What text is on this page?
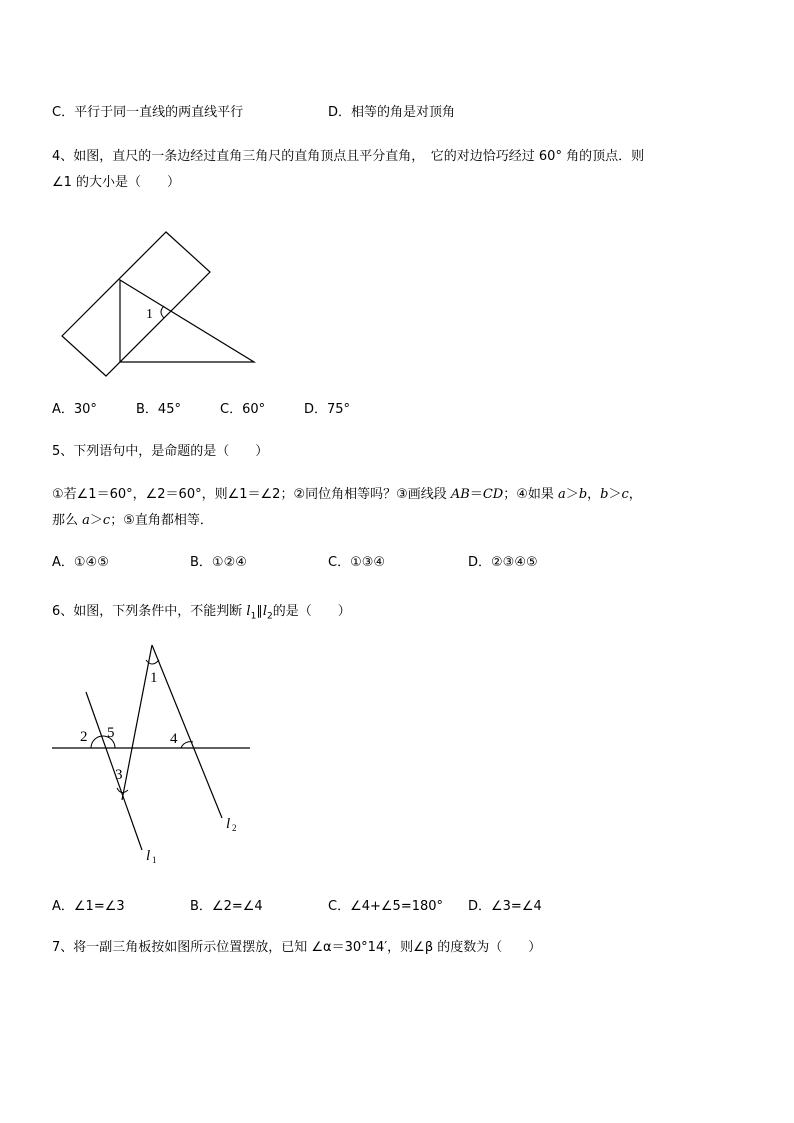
C．平行于同一直线的两直线平行	D．相等的角是对顶角
4、如图，直尺的一条边经过直角三角尺的直角顶点且平分直角，　它的对边恰巧经过 60° 角的顶点．则
∠1 的大小是（　　）
1
A．30°	B．45°	C．60°	D．75°
5、下列语句中，是命题的是（　　）
①若∠1＝60°，∠2＝60°，则∠1＝∠2；②同位角相等吗？③画线段 AB＝CD；④如果 a＞b，b＞c，
那么 a＞c；⑤直角都相等．
A．①④⑤	B．①②④	C．①③④	D．②③④⑤
6、如图，下列条件中，不能判断 $l_1\parallel l_2$的是（　　）
1
2 5	4
3
l 2
l 1
A．∠1=∠3	B．∠2=∠4	C．∠4+∠5=180° D．∠3=∠4
7、将一副三角板按如图所示位置摆放，已知 ∠α＝30°14′，则∠β 的度数为（　　）
